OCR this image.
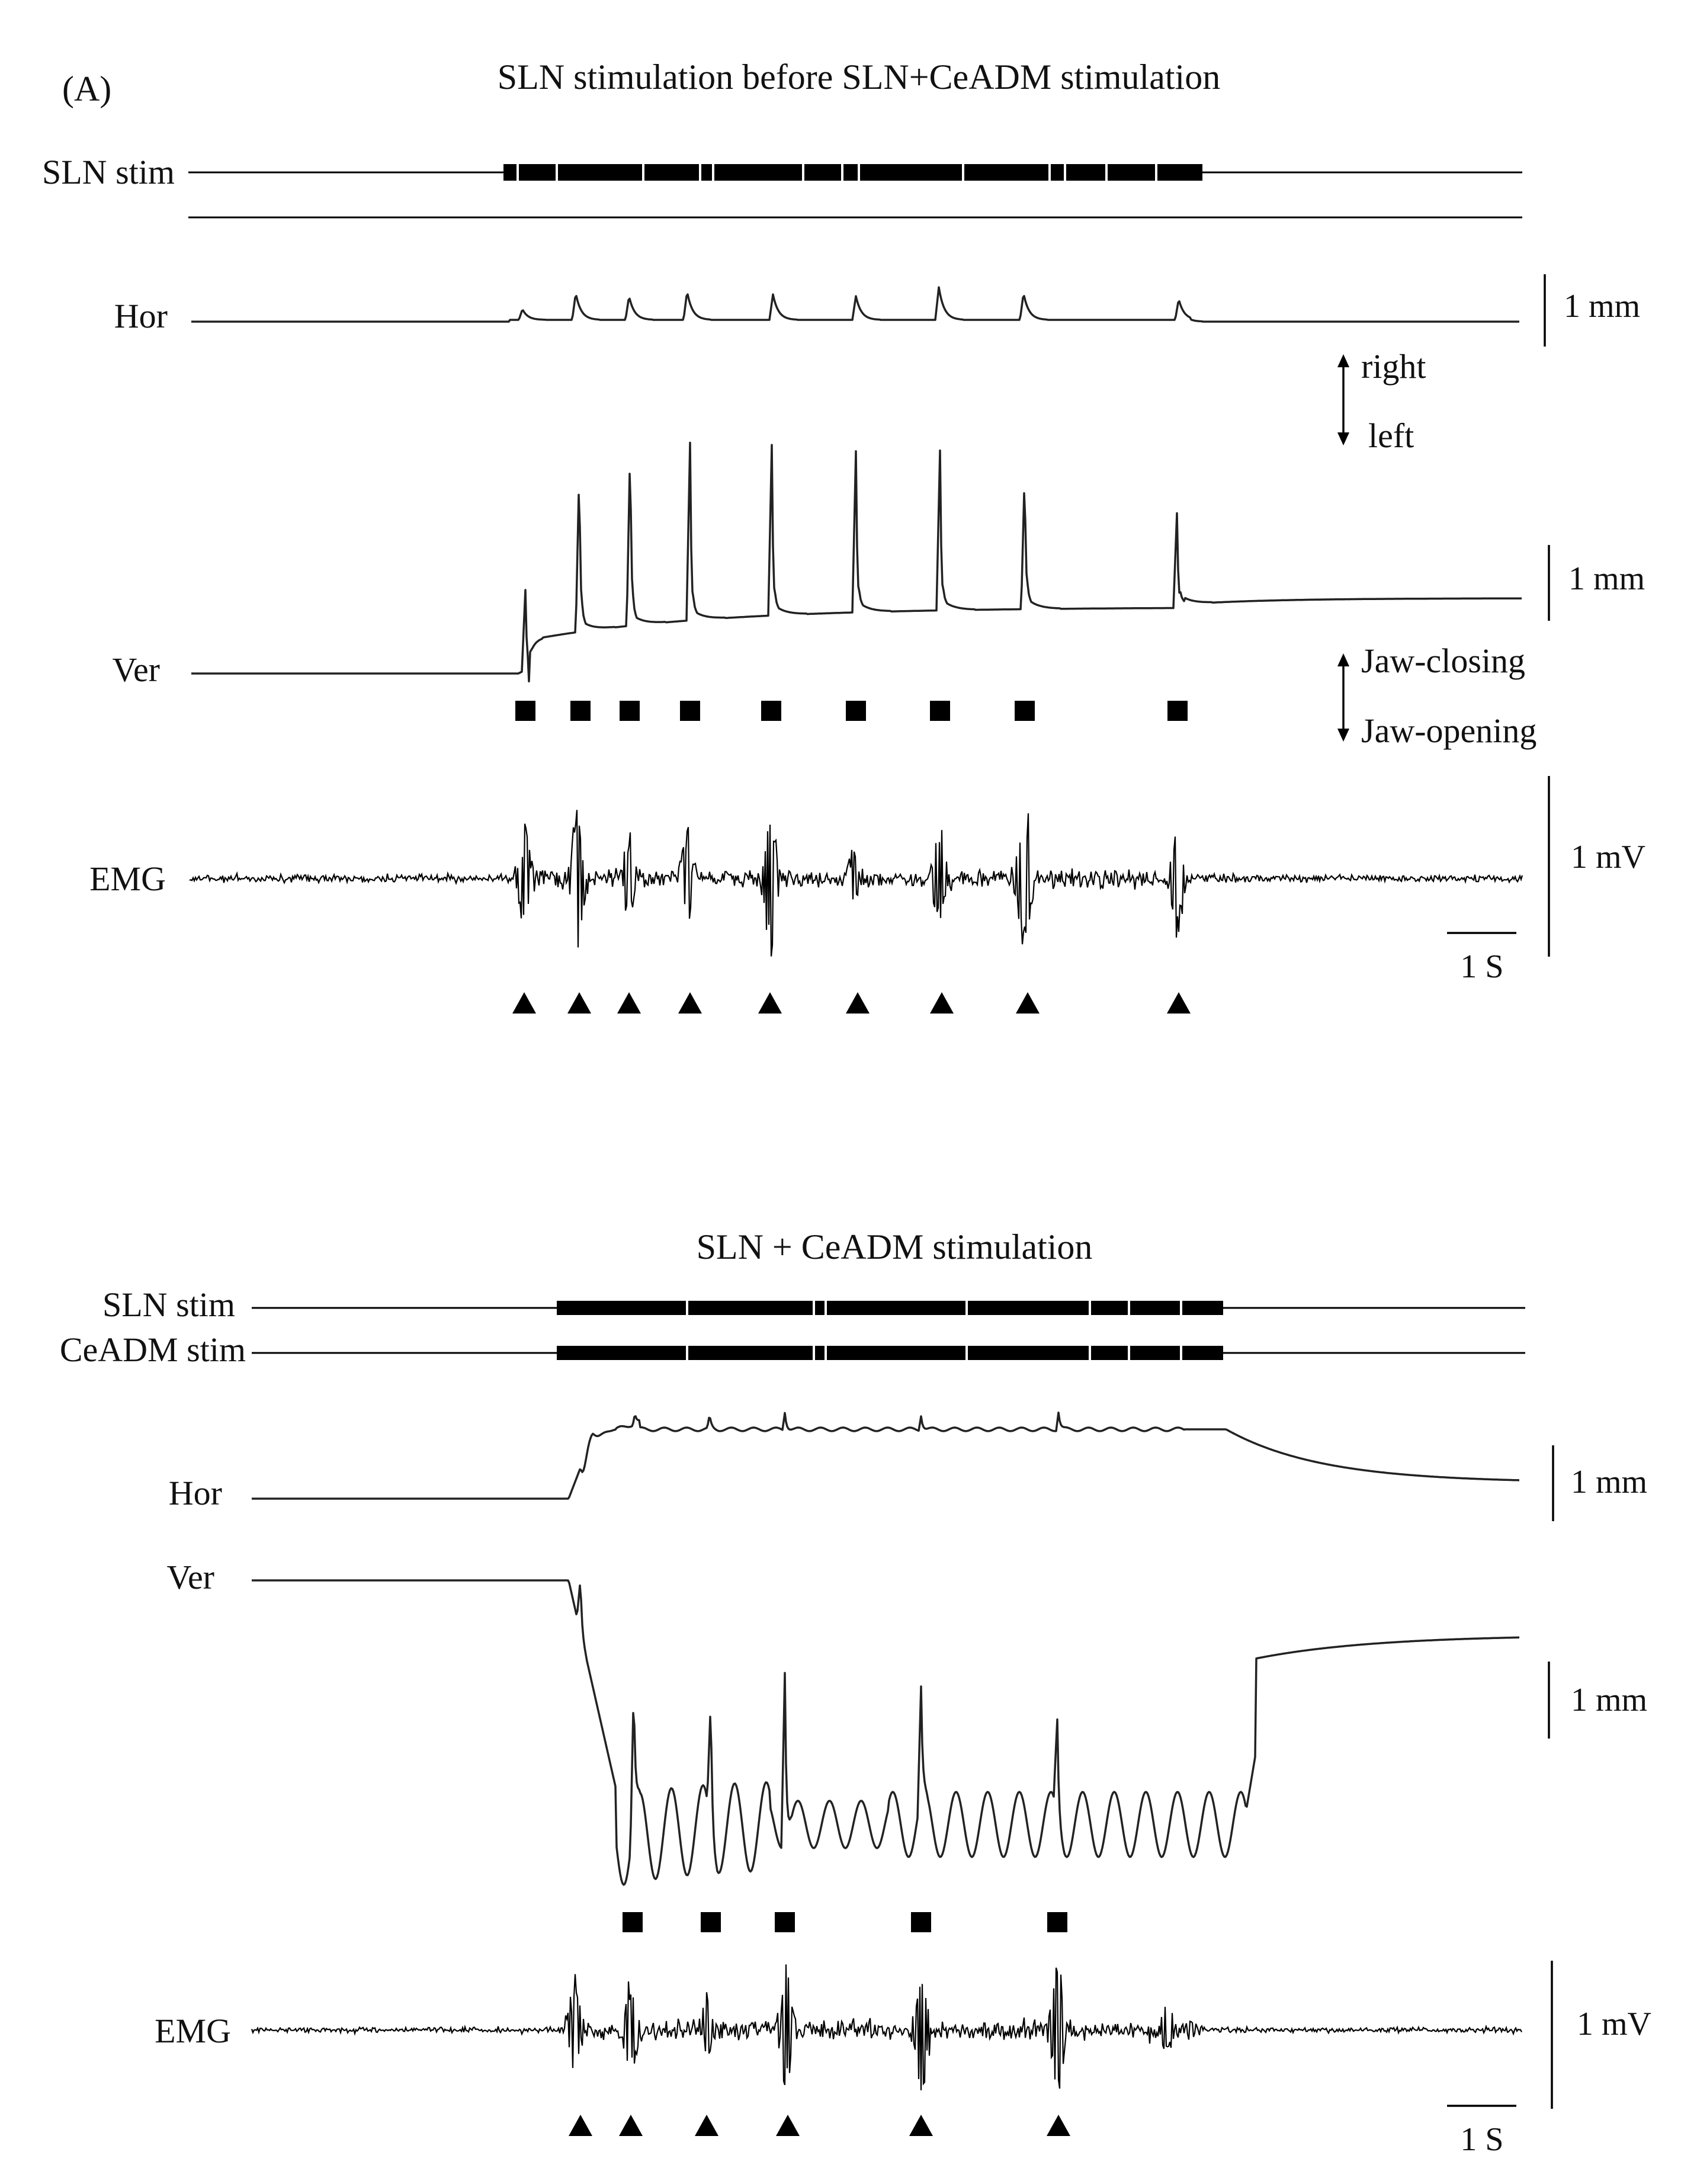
(A)	SLN stimulation before SLN+CeADM stimulation
SLN stim
Hor	1 mm
right
left
Ver
1 mm
Jaw-closing
Jaw-opening
EMG
1 mV
1 S
SLN + CeADM stimulation
SLN stim
CeADM stim
Hor	1 mm
Ver
1 mm
EMG	1 mV
1 S
